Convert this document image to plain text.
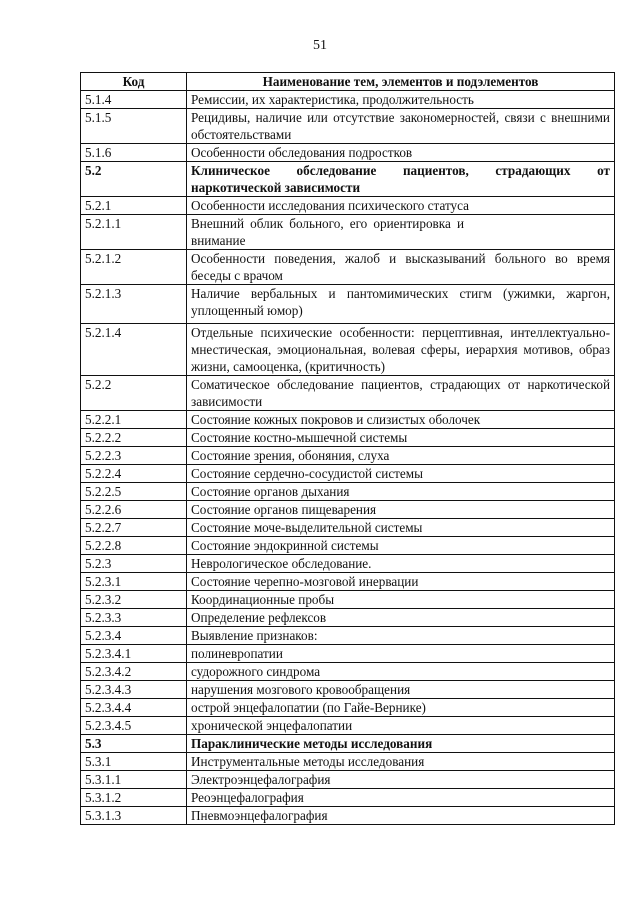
51
Код	Наименование тем, элементов и подэлементов
5.1.4	Ремиссии, их характеристика, продолжительность
5.1.5	Рецидивы, наличие или отсутствие закономерностей, связи с внешними обстоятельствами
5.1.6	Особенности обследования подростков
5.2	Клиническое обследование пациентов, страдающих от наркотической зависимости
5.2.1	Особенности исследования психического статуса
5.2.1.1	Внешний облик больного, его ориентировка и внимание
5.2.1.2	Особенности поведения, жалоб и высказываний больного во время беседы с врачом
5.2.1.3	Наличие вербальных и пантомимических стигм (ужимки, жаргон, уплощенный юмор)
5.2.1.4	Отдельные психические особенности: перцептивная, интеллектуально-мнестическая, эмоциональная, волевая сферы, иерархия мотивов, образ жизни, самооценка, (критичность)
5.2.2	Соматическое обследование пациентов, страдающих от наркотической зависимости
5.2.2.1	Состояние кожных покровов и слизистых оболочек
5.2.2.2	Состояние костно-мышечной системы
5.2.2.3	Состояние зрения, обоняния, слуха
5.2.2.4	Состояние сердечно-сосудистой системы
5.2.2.5	Состояние органов дыхания
5.2.2.6	Состояние органов пищеварения
5.2.2.7	Состояние моче-выделительной системы
5.2.2.8	Состояние эндокринной системы
5.2.3	Неврологическое обследование.
5.2.3.1	Состояние черепно-мозговой инервации
5.2.3.2	Координационные пробы
5.2.3.3	Определение рефлексов
5.2.3.4	Выявление признаков:
5.2.3.4.1	полиневропатии
5.2.3.4.2	судорожного синдрома
5.2.3.4.3	нарушения мозгового кровообращения
5.2.3.4.4	острой энцефалопатии (по Гайе-Вернике)
5.2.3.4.5	хронической энцефалопатии
5.3	Параклинические методы исследования
5.3.1	Инструментальные методы исследования
5.3.1.1	Электроэнцефалография
5.3.1.2	Реоэнцефалография
5.3.1.3	Пневмоэнцефалография
